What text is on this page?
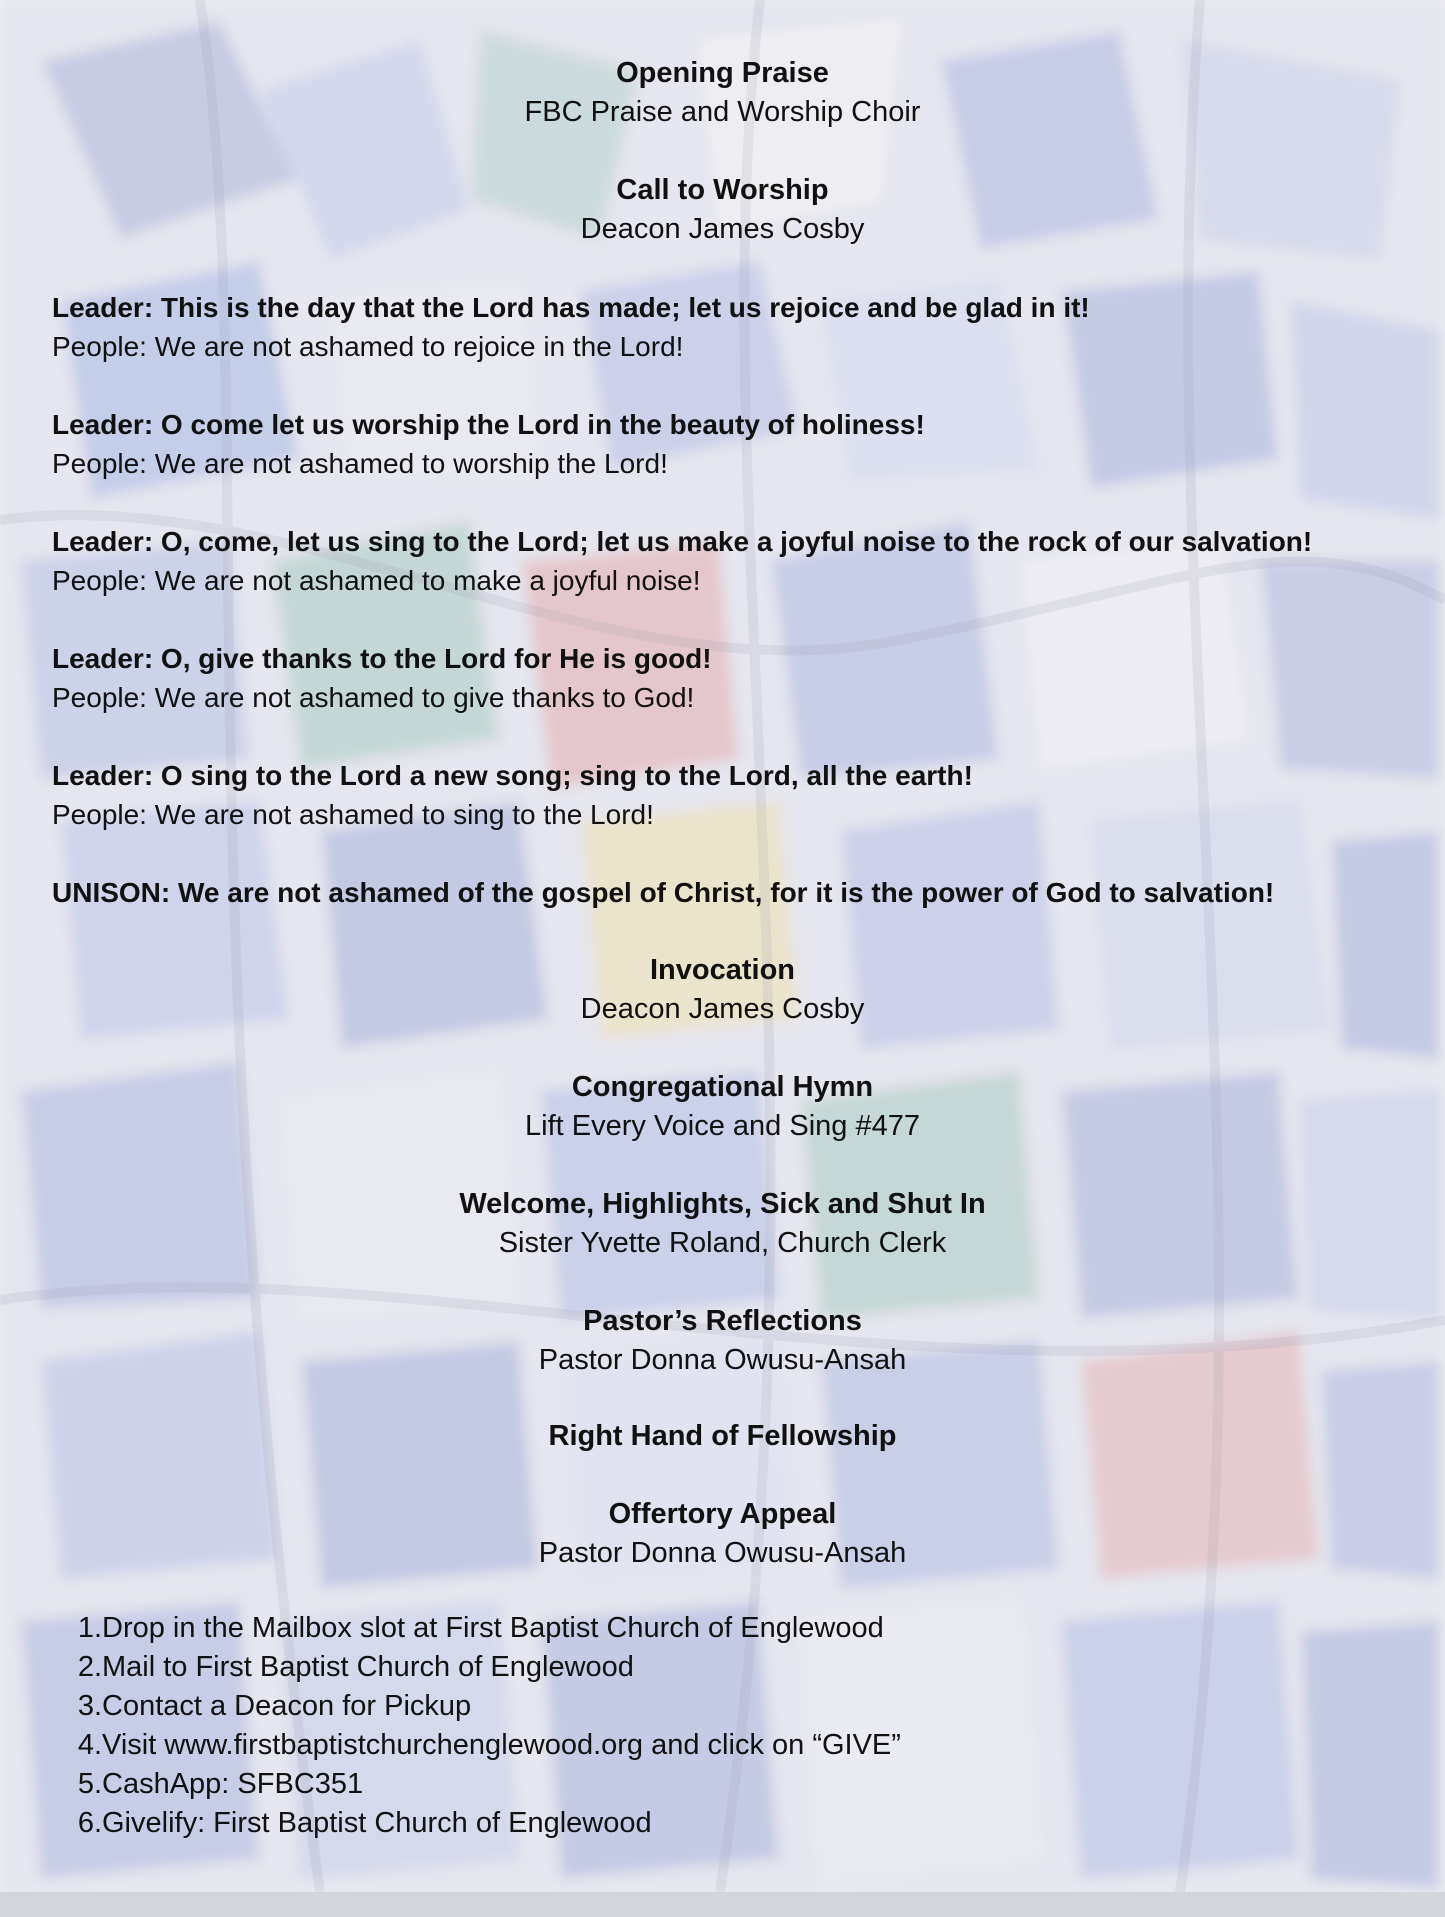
Opening Praise
FBC Praise and Worship Choir
Call to Worship
Deacon James Cosby
Leader: This is the day that the Lord has made; let us rejoice and be glad in it!
People: We are not ashamed to rejoice in the Lord!
Leader: O come let us worship the Lord in the beauty of holiness!
People: We are not ashamed to worship the Lord!
Leader: O, come, let us sing to the Lord; let us make a joyful noise to the rock of our salvation!
People: We are not ashamed to make a joyful noise!
Leader: O, give thanks to the Lord for He is good!
People: We are not ashamed to give thanks to God!
Leader: O sing to the Lord a new song; sing to the Lord, all the earth!
People: We are not ashamed to sing to the Lord!
UNISON: We are not ashamed of the gospel of Christ, for it is the power of God to salvation!
Invocation
Deacon James Cosby
Congregational Hymn
Lift Every Voice and Sing #477
Welcome, Highlights, Sick and Shut In
Sister Yvette Roland, Church Clerk
Pastor’s Reflections
Pastor Donna Owusu-Ansah
Right Hand of Fellowship
Offertory Appeal
Pastor Donna Owusu-Ansah
1. Drop in the Mailbox slot at First Baptist Church of Englewood
2. Mail to First Baptist Church of Englewood
3. Contact a Deacon for Pickup
4. Visit www.firstbaptistchurchenglewood.org and click on “GIVE”
5. CashApp: SFBC351
6. Givelify: First Baptist Church of Englewood
